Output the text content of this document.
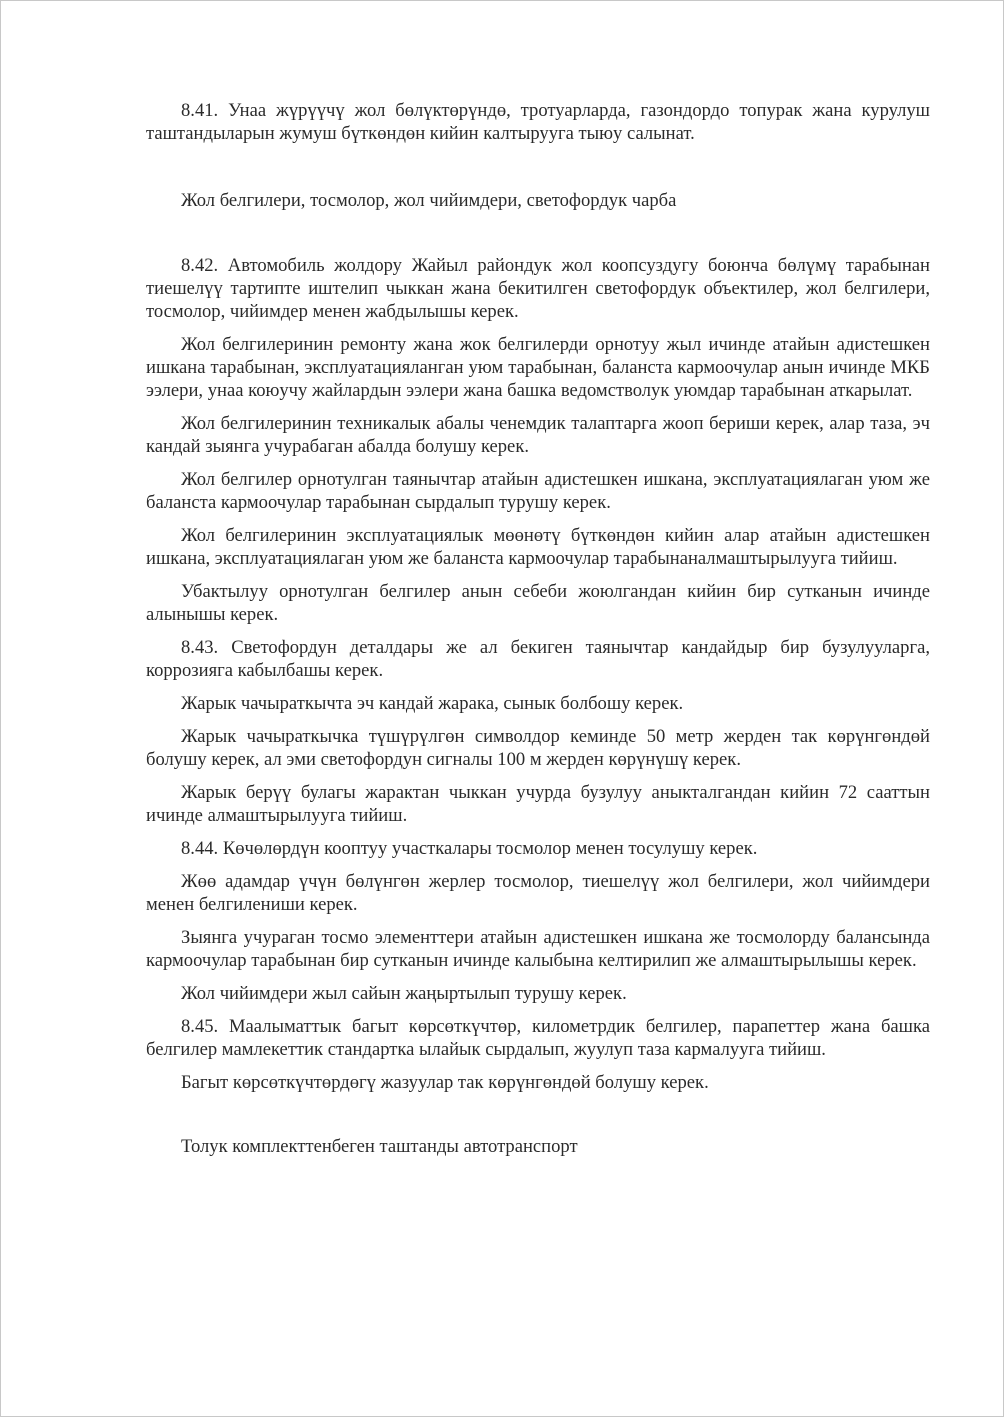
8.41. Унаа жүрүүчү жол бөлүктөрүндө, тротуарларда, газондордо топурак жана курулуш таштандыларын жумуш бүткөндөн кийин калтырууга тыюу салынат.

Жол белгилери, тосмолор, жол чийимдери, светофордук чарба

8.42. Автомобиль жолдору Жайыл райондук жол коопсуздугу боюнча бөлүмү тарабынан тиешелүү тартипте иштелип чыккан жана бекитилген светофордук объектилер, жол белгилери, тосмолор, чийимдер менен жабдылышы керек.

Жол белгилеринин ремонту жана жок белгилерди орнотуу жыл ичинде атайын адистешкен ишкана тарабынан, эксплуатацияланган уюм тарабынан, баланста кармоочулар анын ичинде МКБ ээлери, унаа коюучу жайлардын ээлери жана башка ведомстволук уюмдар тарабынан аткарылат.

Жол белгилеринин техникалык абалы ченемдик талаптарга жооп бериши керек, алар таза, эч кандай зыянга учурабаган абалда болушу керек.

Жол белгилер орнотулган таянычтар атайын адистешкен ишкана, эксплуатациялаган уюм же баланста кармоочулар тарабынан сырдалып турушу керек.

Жол белгилеринин эксплуатациялык мөөнөтү бүткөндөн кийин алар атайын адистешкен ишкана, эксплуатациялаган уюм же баланста кармоочулар тарабынаналмаштырылууга тийиш.

Убактылуу орнотулган белгилер анын себеби жоюлгандан кийин бир сутканын ичинде алынышы керек.

8.43. Светофордун деталдары же ал бекиген таянычтар кандайдыр бир бузулууларга, коррозияга кабылбашы керек.

Жарык чачыраткычта эч кандай жаракa, сынык болбошу керек.

Жарык чачыраткычка түшүрүлгөн символдор кеминде 50 метр жерден так көрүнгөндөй болушу керек, ал эми светофордун сигналы 100 м жерден көрүнүшү керек.

Жарык берүү булагы жарактан чыккан учурда бузулуу аныкталгандан кийин 72 сааттын ичинде алмаштырылууга тийиш.

8.44. Көчөлөрдүн кооптуу участкалары тосмолор менен тосулушу керек.

Жөө адамдар үчүн бөлүнгөн жерлер тосмолор, тиешелүү жол белгилери, жол чийимдери менен белгилениши керек.

Зыянга учураган тосмо элементтери атайын адистешкен ишкана же тосмолорду балансында кармоочулар тарабынан бир сутканын ичинде калыбына келтирилип же алмаштырылышы керек.

Жол чийимдери жыл сайын жаңыртылып турушу керек.

8.45. Маалыматтык багыт көрсөткүчтөр, километрдик белгилер, парапеттер жана башка белгилер мамлекеттик стандартка ылайык сырдалып, жуулуп таза кармалууга тийиш.

Багыт көрсөткүчтөрдөгү жазуулар так көрүнгөндөй болушу керек.

Толук комплекттенбеген таштанды автотранспорт
